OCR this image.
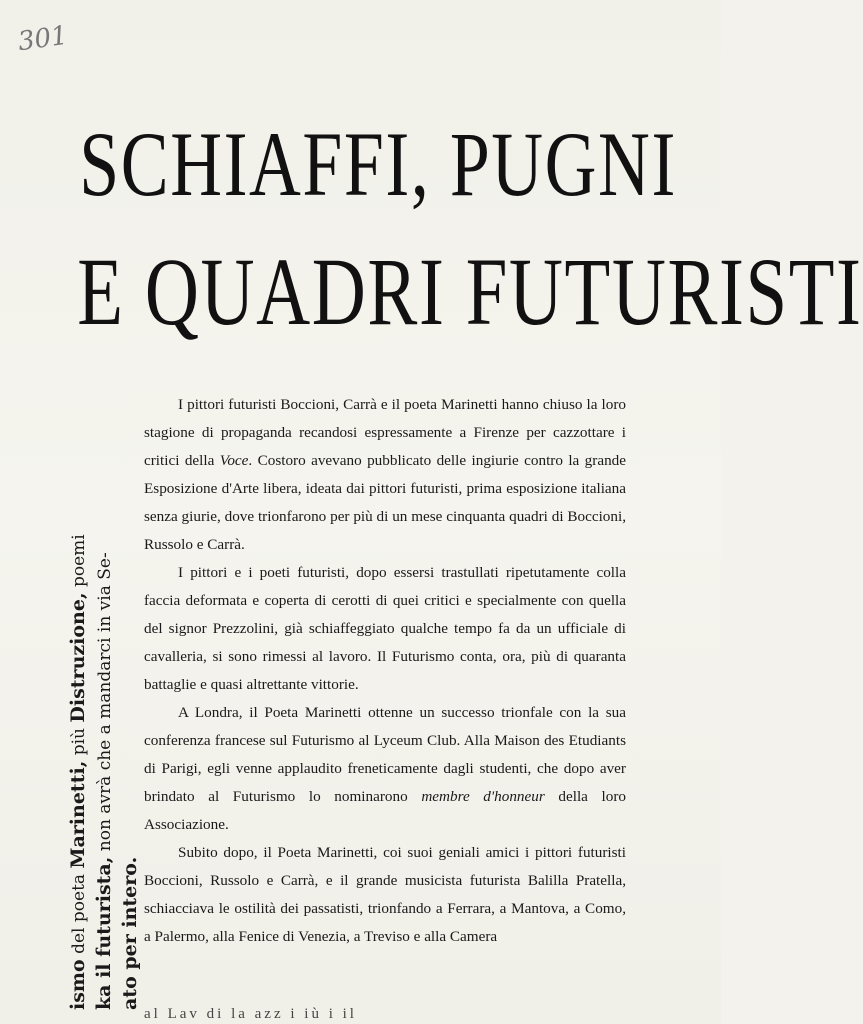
301
SCHIAFFI, PUGNI
E QUADRI FUTURISTI
ismo del poeta Marinetti, più Distruzione, poemi
ka il futurista, non avrà che a mandarci in via Se-
ato per intero.

I pittori futuristi Boccioni, Carrà e il poeta Marinetti hanno chiuso la loro stagione di propaganda recandosi espressamente a Firenze per cazzottare i critici della Voce. Costoro avevano pubblicato delle ingiurie contro la grande Esposizione d'Arte libera, ideata dai pittori futuristi, prima esposizione italiana senza giurie, dove trionfarono per più di un mese cinquanta quadri di Boccioni, Russolo e Carrà.

I pittori e i poeti futuristi, dopo essersi trastullati ripetutamente colla faccia deformata e coperta di cerotti di quei critici e specialmente con quella del signor Prezzolini, già schiaffeggiato qualche tempo fa da un ufficiale di cavalleria, si sono rimessi al lavoro. Il Futurismo conta, ora, più di quaranta battaglie e quasi altrettante vittorie.

A Londra, il Poeta Marinetti ottenne un successo trionfale con la sua conferenza francese sul Futurismo al Lyceum Club. Alla Maison des Etudiants di Parigi, egli venne applaudito freneticamente dagli studenti, che dopo aver brindato al Futurismo lo nominarono membre d'honneur della loro Associazione.

Subito dopo, il Poeta Marinetti, coi suoi geniali amici i pittori futuristi Boccioni, Russolo e Carrà, e il grande musicista futurista Balilla Pratella, schiacciava le ostilità dei passatisti, trionfando a Ferrara, a Mantova, a Como, a Palermo, alla Fenice di Venezia, a Treviso e alla Camera

al Lav di la azz i iù i il
